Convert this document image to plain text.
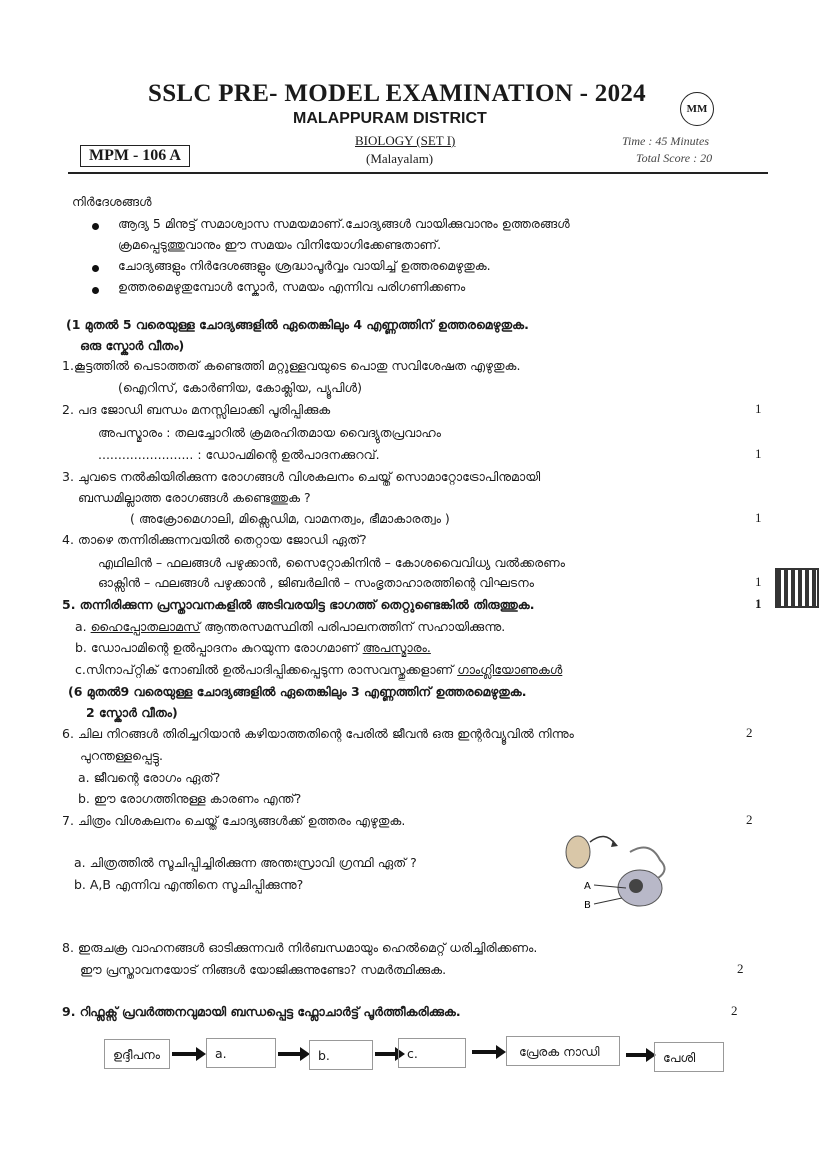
SSLC PRE- MODEL EXAMINATION - 2024
MALAPPURAM DISTRICT
MM
MPM - 106 A
BIOLOGY (SET I)
(Malayalam)
Time : 45 Minutes
Total Score : 20
നിർദേശങ്ങൾ
ആദ്യ 5 മിനുട്ട് സമാശ്വാസ സമയമാണ്.ചോദ്യങ്ങൾ വായിക്കുവാനും ഉത്തരങ്ങൾ
ക്രമപ്പെടുത്തുവാനും ഈ സമയം വിനിയോഗിക്കേണ്ടതാണ്.
ചോദ്യങ്ങളും നിർദേശങ്ങളും ശ്രദ്ധാപൂർവ്വം വായിച്ച് ഉത്തരമെഴുതുക.
ഉത്തരമെഴുതുമ്പോൾ സ്കോർ, സമയം എന്നിവ പരിഗണിക്കണം
(1 മുതൽ 5 വരെയുള്ള ചോദ്യങ്ങളിൽ ഏതെങ്കിലും 4 എണ്ണത്തിന് ഉത്തരമെഴുതുക.
ഒരു സ്കോർ വീതം)
1.കൂട്ടത്തിൽ പെടാത്തത് കണ്ടെത്തി മറ്റുള്ളവയുടെ പൊതു സവിശേഷത എഴുതുക.
(ഐറിസ്, കോർണിയ, കോക്ലിയ, പ്യൂപിൾ)
2. പദ ജോഡി ബന്ധം മനസ്സിലാക്കി പൂരിപ്പിക്കുക	1
അപസ്മാരം : തലച്ചോറിൽ ക്രമരഹിതമായ വൈദ്യുതപ്രവാഹം
........................ : ഡോപമിന്റെ ഉൽപാദനക്കുറവ്.	1
3. ചുവടെ നൽകിയിരിക്കുന്ന രോഗങ്ങൾ വിശകലനം ചെയ്ത് സൊമാറ്റോട്രോപിനുമായി
ബന്ധമില്ലാത്ത രോഗങ്ങൾ കണ്ടെത്തുക ?
( അക്രോമെഗാലി, മിക്സെഡിമ, വാമനത്വം, ഭീമാകാരത്വം )	1
4. താഴെ തന്നിരിക്കുന്നവയിൽ തെറ്റായ ജോഡി ഏത്?
എഥിലിൻ – ഫലങ്ങൾ പഴുക്കാൻ, സൈറ്റോകിനിൻ – കോശവൈവിധ്യ വൽക്കരണം
ഓക്സിൻ – ഫലങ്ങൾ പഴുക്കാൻ , ജിബർലിൻ – സംഭൃതാഹാരത്തിന്റെ വിഘടനം	1
5. തന്നിരിക്കുന്ന പ്രസ്താവനകളിൽ അടിവരയിട്ട ഭാഗത്ത് തെറ്റുണ്ടെങ്കിൽ തിരുത്തുക.	1
a. ഹൈപ്പോതലാമസ് ആന്തരസമസ്ഥിതി പരിപാലനത്തിന് സഹായിക്കുന്നു.
b. ഡോപാമിന്റെ ഉൽപ്പാദനം കുറയുന്ന രോഗമാണ് അപസ്മാരം.
c.സിനാപ്റ്റിക് നോബിൽ ഉൽപാദിപ്പിക്കപ്പെടുന്ന രാസവസ്തുക്കളാണ് ഗാംഗ്ലിയോണുകൾ
(6 മുതൽ9 വരെയുള്ള ചോദ്യങ്ങളിൽ ഏതെങ്കിലും 3 എണ്ണത്തിന് ഉത്തരമെഴുതുക.
2 സ്കോർ വീതം)
6. ചില നിറങ്ങൾ തിരിച്ചറിയാൻ കഴിയാത്തതിന്റെ പേരിൽ ജീവൻ ഒരു ഇന്റർവ്യൂവിൽ നിന്നും	2
പുറന്തള്ളപ്പെട്ടു.
a. ജീവന്റെ രോഗം ഏത്?
b. ഈ രോഗത്തിനുള്ള കാരണം എന്ത്?
7. ചിത്രം വിശകലനം ചെയ്ത് ചോദ്യങ്ങൾക്ക് ഉത്തരം എഴുതുക.	2
a. ചിത്രത്തിൽ സൂചിപ്പിച്ചിരിക്കുന്ന അന്തഃസ്രാവി ഗ്രന്ഥി ഏത് ?
b. A,B എന്നിവ എന്തിനെ സൂചിപ്പിക്കുന്നു?	A
B
8. ഇരുചക്ര വാഹനങ്ങൾ ഓടിക്കുന്നവർ നിർബന്ധമായും ഹെൽമെറ്റ് ധരിച്ചിരിക്കണം.
ഈ പ്രസ്താവനയോട് നിങ്ങൾ യോജിക്കുന്നുണ്ടോ? സമർത്ഥിക്കുക.	2
9. റിഫ്ലക്സ് പ്രവർത്തനവുമായി ബന്ധപ്പെട്ട ഫ്ലോചാർട്ട് പൂർത്തീകരിക്കുക.	2
ഉദ്ദീപനം	a.	b.	c.	പ്രേരക നാഡി	പേശി
